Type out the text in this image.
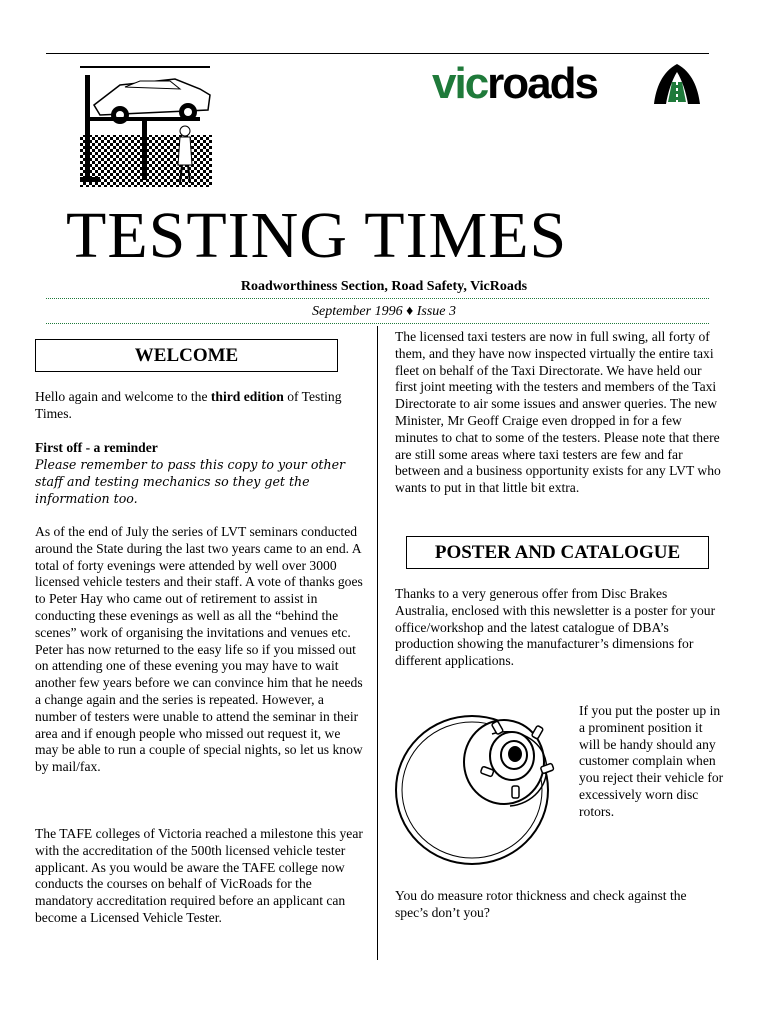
vicroads
TESTING TIMES
Roadworthiness Section, Road Safety, VicRoads
September 1996 ♦ Issue 3
WELCOME
Hello again and welcome to the third edition of Testing Times.
First off - a reminder
Please remember to pass this copy to your other staff and testing mechanics so they get the information too.
As of the end of July the series of LVT seminars conducted around the State during the last two years came to an end. A total of forty evenings were attended by well over 3000 licensed vehicle testers and their staff. A vote of thanks goes to Peter Hay who came out of retirement to assist in conducting these evenings as well as all the “behind the scenes” work of organising the invitations and venues etc. Peter has now returned to the easy life so if you missed out on attending one of these evening you may have to wait another few years before we can convince him that he needs a change again and the series is repeated. However, a number of testers were unable to attend the seminar in their area and if enough people who missed out request it, we may be able to run a couple of special nights, so let us know by mail/fax.
The TAFE colleges of Victoria reached a milestone this year with the accreditation of the 500th licensed vehicle tester applicant. As you would be aware the TAFE college now conducts the courses on behalf of VicRoads for the mandatory accreditation required before an applicant can become a Licensed Vehicle Tester.
The licensed taxi testers are now in full swing, all forty of them, and they have now inspected virtually the entire taxi fleet on behalf of the Taxi Directorate. We have held our first joint meeting with the testers and members of the Taxi Directorate to air some issues and answer queries. The new Minister, Mr Geoff Craige even dropped in for a few minutes to chat to some of the testers. Please note that there are still some areas where taxi testers are few and far between and a business opportunity exists for any LVT who wants to put in that little bit extra.
POSTER AND CATALOGUE
Thanks to a very generous offer from Disc Brakes Australia, enclosed with this newsletter is a poster for your office/workshop and the latest catalogue of DBA’s production showing the manufacturer’s dimensions for different applications.
If you put the poster up in a prominent position it will be handy should any customer complain when you reject their vehicle for excessively worn disc rotors.
You do measure rotor thickness and check against the spec’s don’t you?
